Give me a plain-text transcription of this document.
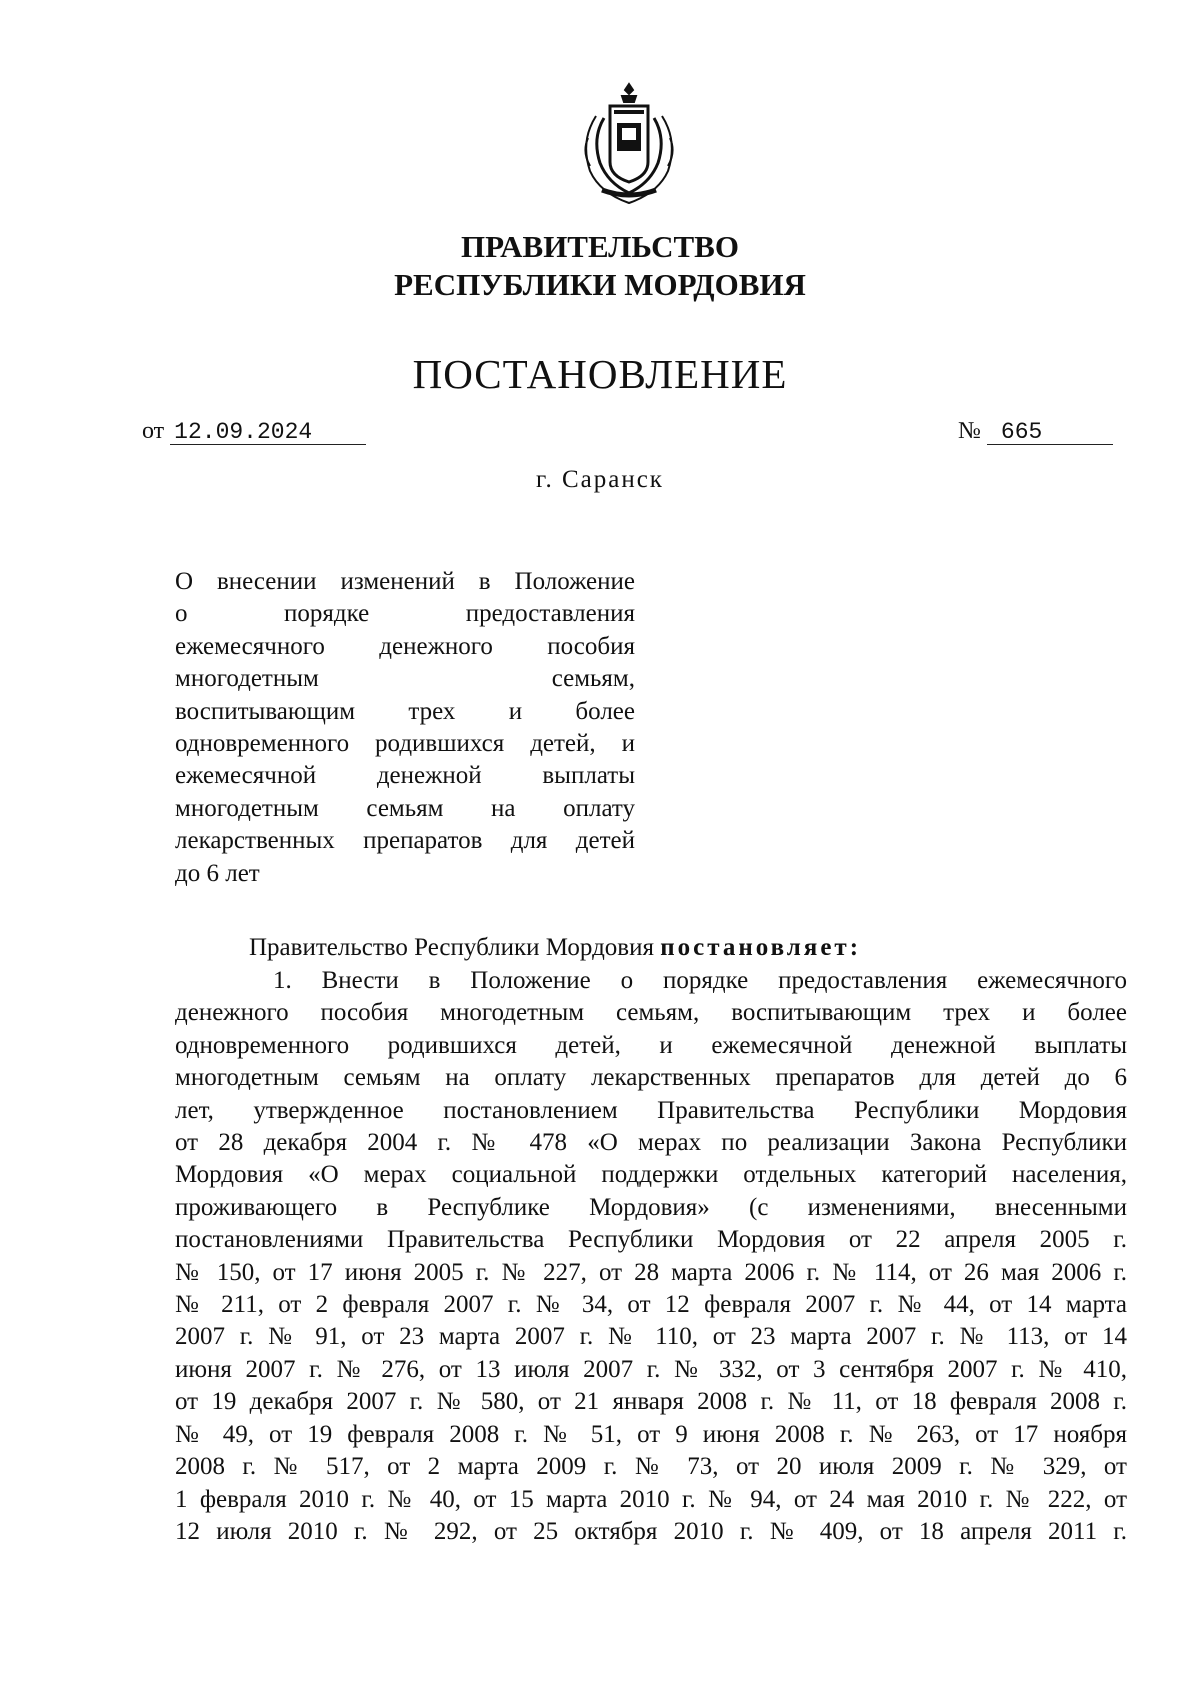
ПРАВИТЕЛЬСТВО
РЕСПУБЛИКИ МОРДОВИЯ
ПОСТАНОВЛЕНИЕ
от 12.09.2024	№ 665
г. Саранск
О внесении изменений в Положение
о порядке предоставления
ежемесячного денежного пособия
многодетным семьям,
воспитывающим трех и более
одновременного родившихся детей, и
ежемесячной денежной выплаты
многодетным семьям на оплату
лекарственных препаратов для детей
до 6 лет
Правительство Республики Мордовия постановляет:
1. Внести в Положение о порядке предоставления ежемесячного
денежного пособия многодетным семьям, воспитывающим трех и более
одновременного родившихся детей, и ежемесячной денежной выплаты
многодетным семьям на оплату лекарственных препаратов для детей до 6
лет, утвержденное постановлением Правительства Республики Мордовия
от 28 декабря 2004 г. № 478 «О мерах по реализации Закона Республики
Мордовия «О мерах социальной поддержки отдельных категорий населения,
проживающего в Республике Мордовия» (с изменениями, внесенными
постановлениями Правительства Республики Мордовия от 22 апреля 2005 г.
№ 150, от 17 июня 2005 г. № 227, от 28 марта 2006 г. № 114, от 26 мая 2006 г.
№ 211, от 2 февраля 2007 г. № 34, от 12 февраля 2007 г. № 44, от 14 марта
2007 г. № 91, от 23 марта 2007 г. № 110, от 23 марта 2007 г. № 113, от 14
июня 2007 г. № 276, от 13 июля 2007 г. № 332, от 3 сентября 2007 г. № 410,
от 19 декабря 2007 г. № 580, от 21 января 2008 г. № 11, от 18 февраля 2008 г.
№ 49, от 19 февраля 2008 г. № 51, от 9 июня 2008 г. № 263, от 17 ноября
2008 г. № 517, от 2 марта 2009 г. № 73, от 20 июля 2009 г. № 329, от
1 февраля 2010 г. № 40, от 15 марта 2010 г. № 94, от 24 мая 2010 г. № 222, от
12 июля 2010 г. № 292, от 25 октября 2010 г. № 409, от 18 апреля 2011 г.
